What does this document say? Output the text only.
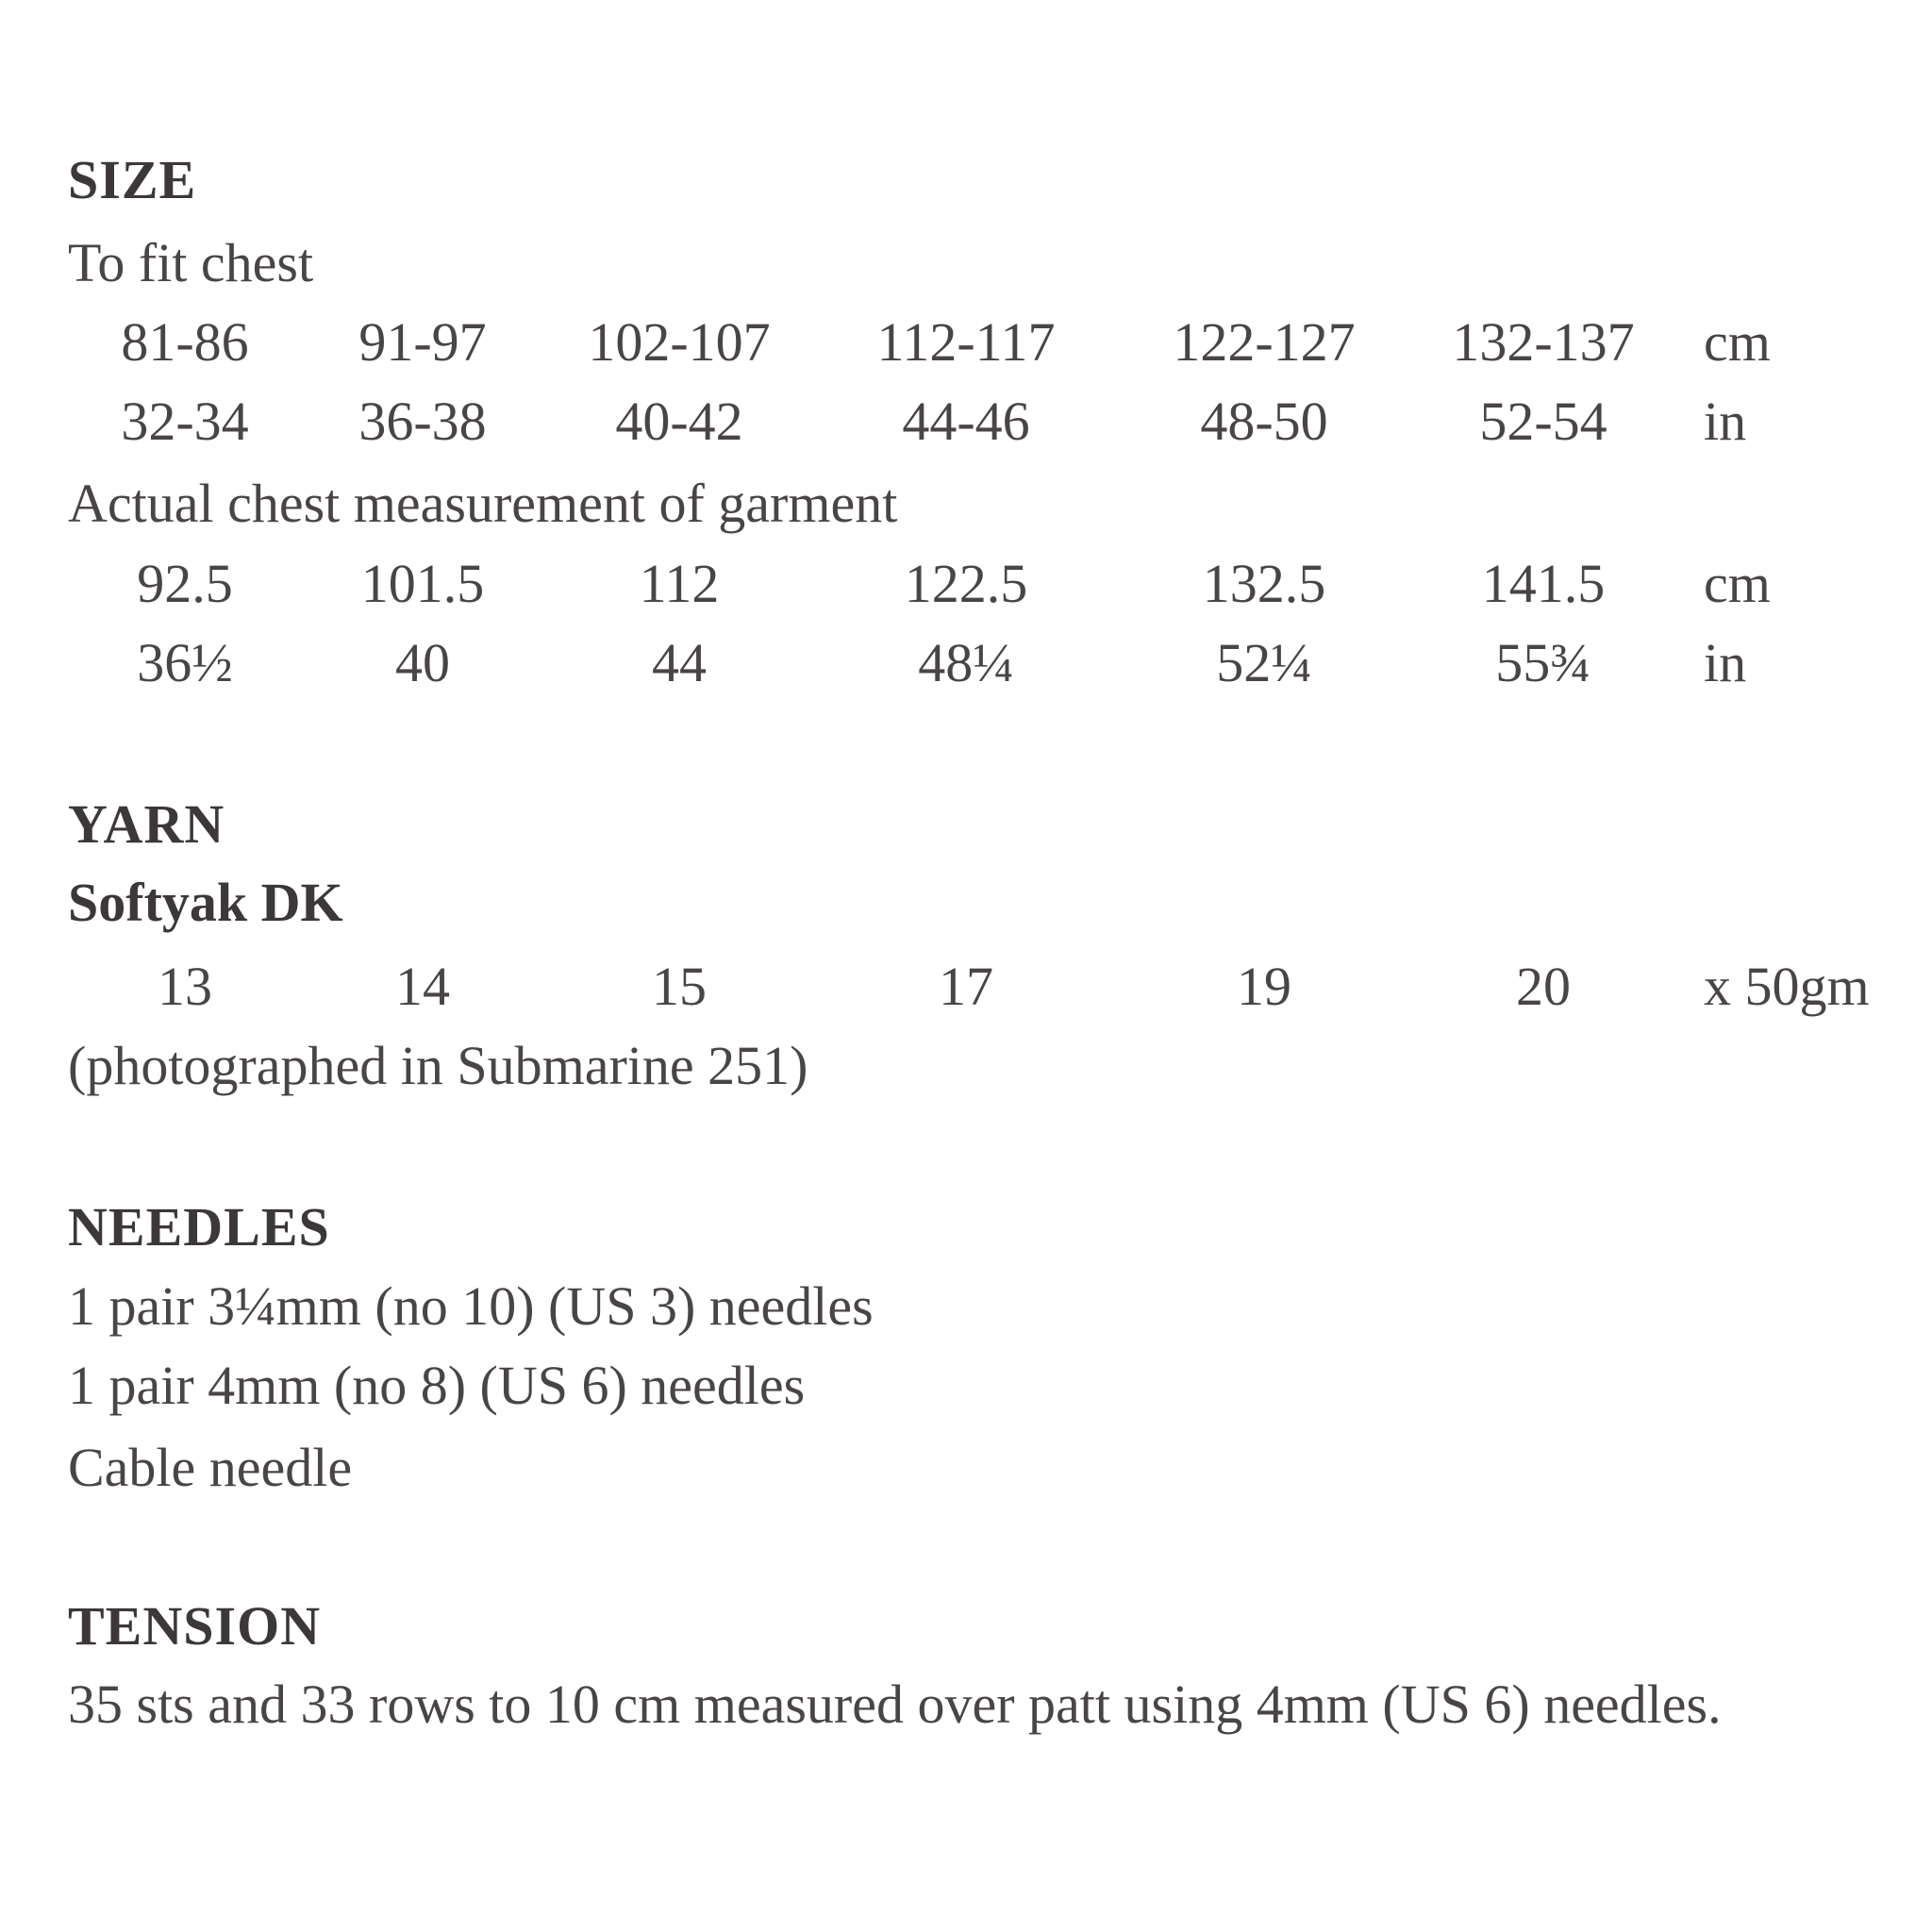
SIZE
To fit chest
81-86	91-97	102-107	112-117	122-127	132-137	cm
32-34	36-38	40-42	44-46	48-50	52-54	in
Actual chest measurement of garment
92.5	101.5	112	122.5	132.5	141.5	cm
36½	40	44	48¼	52¼	55¾	in
YARN
Softyak DK
13	14	15	17	19	20	x 50gm
(photographed in Submarine 251)
NEEDLES
1 pair 3¼mm (no 10) (US 3) needles
1 pair 4mm (no 8) (US 6) needles
Cable needle
TENSION
35 sts and 33 rows to 10 cm measured over patt using 4mm (US 6) needles.
